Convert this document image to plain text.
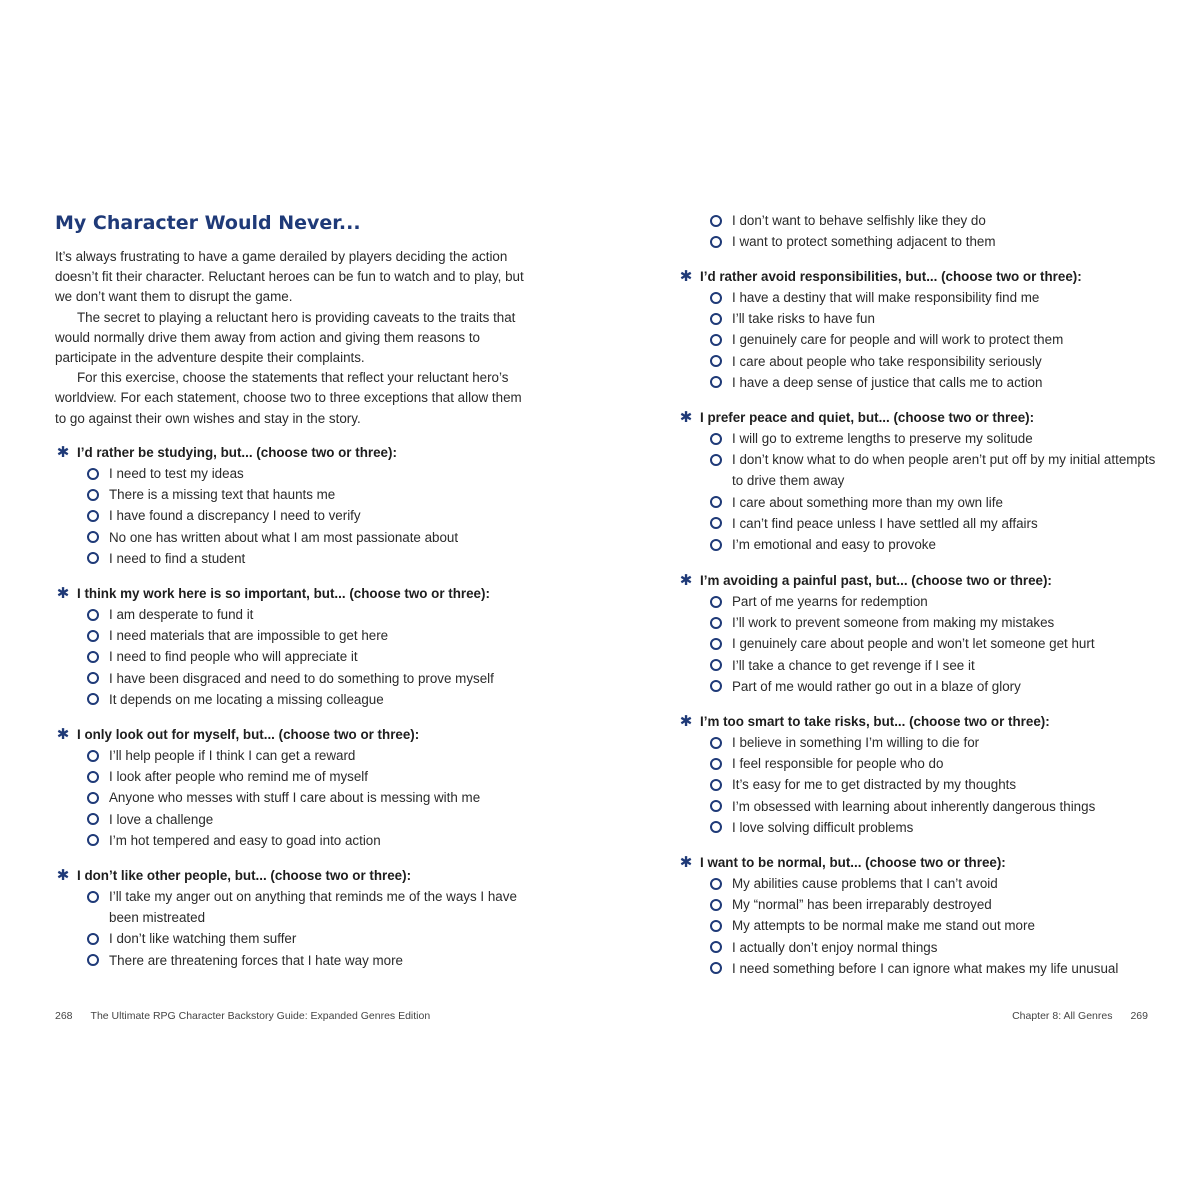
My Character Would Never...

It’s always frustrating to have a game derailed by players deciding the action doesn’t fit their character. Reluctant heroes can be fun to watch and to play, but we don’t want them to disrupt the game.

The secret to playing a reluctant hero is providing caveats to the traits that would normally drive them away from action and giving them reasons to participate in the adventure despite their complaints.

For this exercise, choose the statements that reflect your reluctant hero’s worldview. For each statement, choose two to three exceptions that allow them to go against their own wishes and stay in the story.

✱ I’d rather be studying, but... (choose two or three):
I need to test my ideas
There is a missing text that haunts me
I have found a discrepancy I need to verify
No one has written about what I am most passionate about
I need to find a student
✱ I think my work here is so important, but... (choose two or three):
I am desperate to fund it
I need materials that are impossible to get here
I need to find people who will appreciate it
I have been disgraced and need to do something to prove myself
It depends on me locating a missing colleague
✱ I only look out for myself, but... (choose two or three):
I’ll help people if I think I can get a reward
I look after people who remind me of myself
Anyone who messes with stuff I care about is messing with me
I love a challenge
I’m hot tempered and easy to goad into action
✱ I don’t like other people, but... (choose two or three):
I’ll take my anger out on anything that reminds me of the ways I have been mistreated
I don’t like watching them suffer
There are threatening forces that I hate way more
I don’t want to behave selfishly like they do
I want to protect something adjacent to them
✱ I’d rather avoid responsibilities, but... (choose two or three):
I have a destiny that will make responsibility find me
I’ll take risks to have fun
I genuinely care for people and will work to protect them
I care about people who take responsibility seriously
I have a deep sense of justice that calls me to action
✱ I prefer peace and quiet, but... (choose two or three):
I will go to extreme lengths to preserve my solitude
I don’t know what to do when people aren’t put off by my initial attempts to drive them away
I care about something more than my own life
I can’t find peace unless I have settled all my affairs
I’m emotional and easy to provoke
✱ I’m avoiding a painful past, but... (choose two or three):
Part of me yearns for redemption
I’ll work to prevent someone from making my mistakes
I genuinely care about people and won’t let someone get hurt
I’ll take a chance to get revenge if I see it
Part of me would rather go out in a blaze of glory
✱ I’m too smart to take risks, but... (choose two or three):
I believe in something I’m willing to die for
I feel responsible for people who do
It’s easy for me to get distracted by my thoughts
I’m obsessed with learning about inherently dangerous things
I love solving difficult problems
✱ I want to be normal, but... (choose two or three):
My abilities cause problems that I can’t avoid
My “normal” has been irreparably destroyed
My attempts to be normal make me stand out more
I actually don’t enjoy normal things
I need something before I can ignore what makes my life unusual
268 The Ultimate RPG Character Backstory Guide: Expanded Genres Edition	Chapter 8: All Genres 269
